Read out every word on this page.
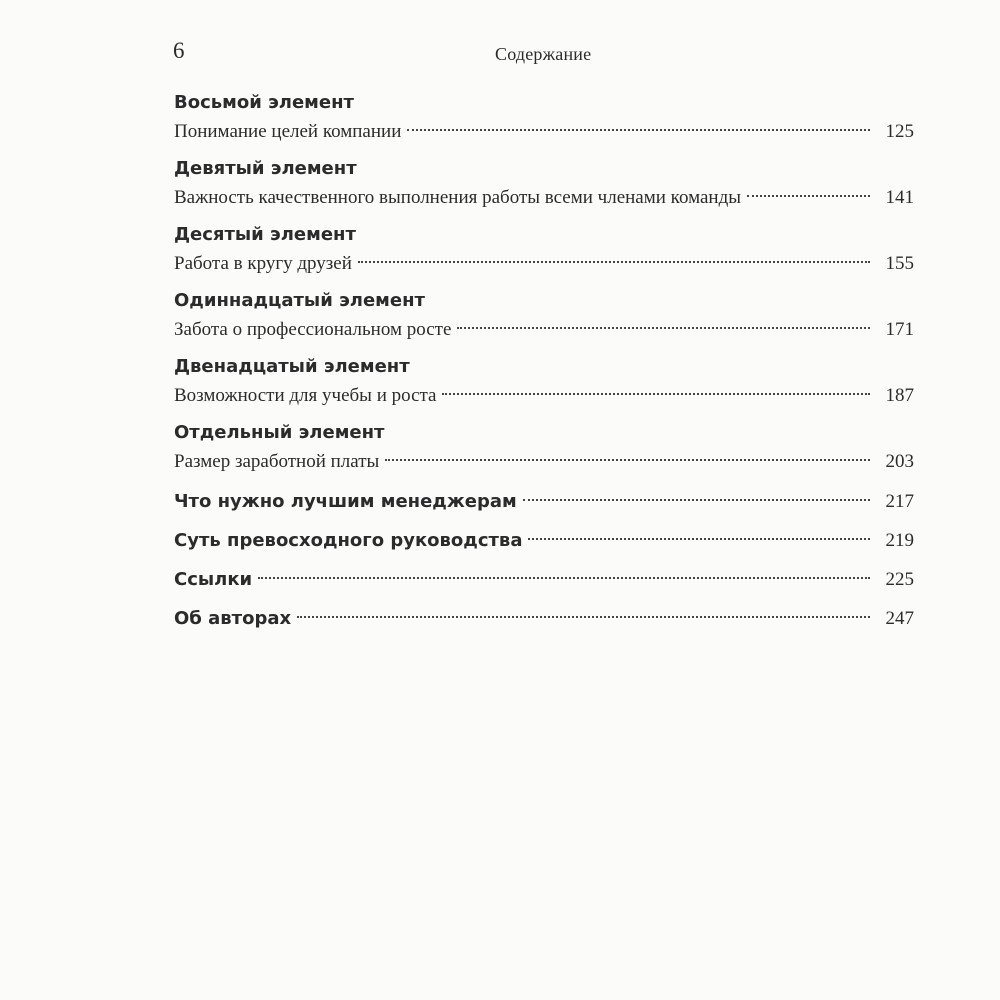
6	Содержание
Восьмой элемент
Понимание целей компании	125
Девятый элемент
Важность качественного выполнения работы всеми членами команды	141
Десятый элемент
Работа в кругу друзей	155
Одиннадцатый элемент
Забота о профессиональном росте	171
Двенадцатый элемент
Возможности для учебы и роста	187
Отдельный элемент
Размер заработной платы	203
Что нужно лучшим менеджерам	217
Суть превосходного руководства	219
Ссылки	225
Об авторах	247
